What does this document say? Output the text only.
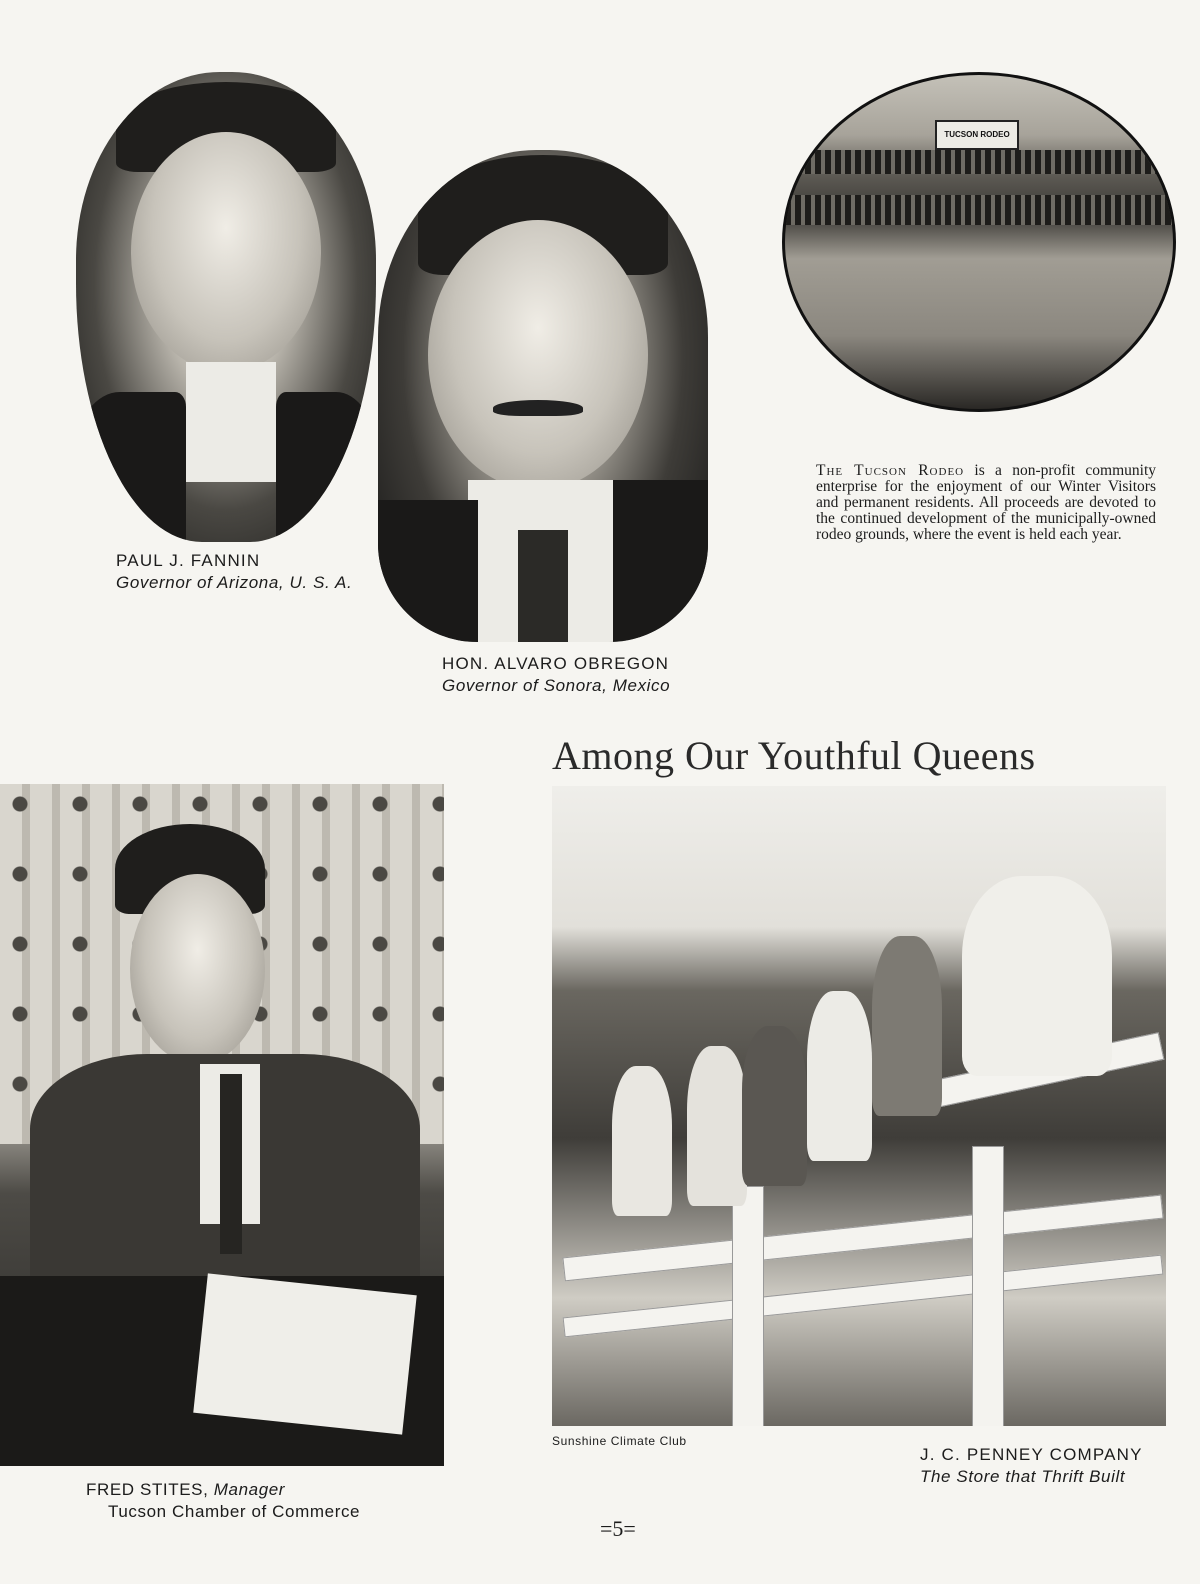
PAUL J. FANNIN
Governor of Arizona, U. S. A.
HON. ALVARO OBREGON
Governor of Sonora, Mexico
TUCSON RODEO
The Tucson Rodeo is a non-profit community enterprise for the enjoyment of our Winter Visitors and permanent residents. All proceeds are devoted to the continued development of the municipally-owned rodeo grounds, where the event is held each year.
Among Our Youthful Queens
FRED STITES, Manager
Tucson Chamber of Commerce
Sunshine Climate Club
J. C. PENNEY COMPANY
The Store that Thrift Built
=5=
